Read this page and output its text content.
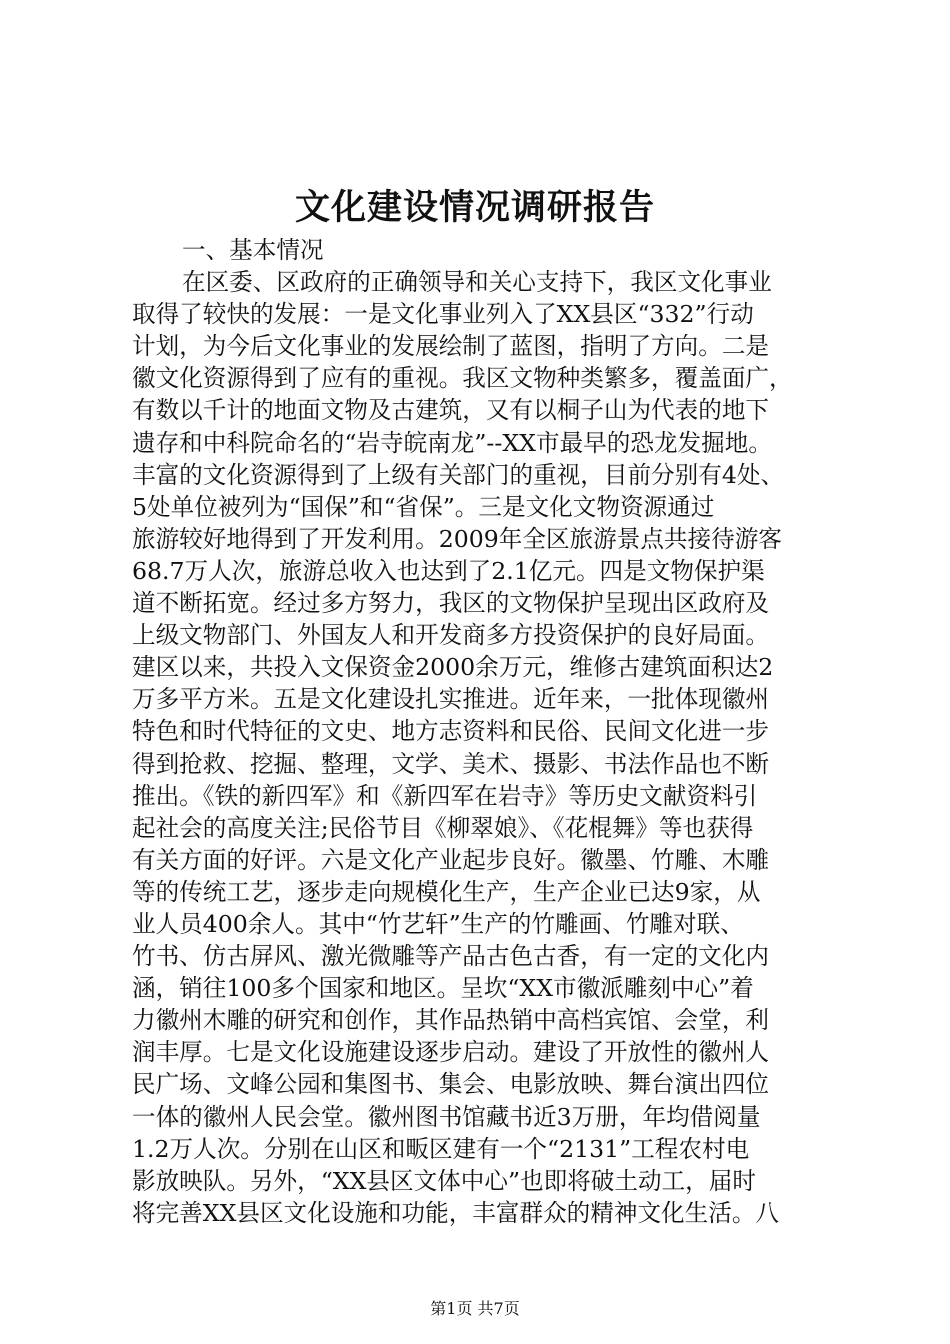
文化建设情况调研报告

一、基本情况

在区委、区政府的正确领导和关心支持下，我区文化事业

取得了较快的发展：一是文化事业列入了XX县区“332”行动

计划，为今后文化事业的发展绘制了蓝图，指明了方向。二是

徽文化资源得到了应有的重视。我区文物种类繁多，覆盖面广，

有数以千计的地面文物及古建筑，又有以桐子山为代表的地下

遗存和中科院命名的“岩寺皖南龙”--XX市最早的恐龙发掘地。

丰富的文化资源得到了上级有关部门的重视，目前分别有4处、

5处单位被列为“国保”和“省保”。三是文化文物资源通过

旅游较好地得到了开发利用。2009年全区旅游景点共接待游客

68.7万人次，旅游总收入也达到了2.1亿元。四是文物保护渠

道不断拓宽。经过多方努力，我区的文物保护呈现出区政府及

上级文物部门、外国友人和开发商多方投资保护的良好局面。

建区以来，共投入文保资金2000余万元，维修古建筑面积达2

万多平方米。五是文化建设扎实推进。近年来，一批体现徽州

特色和时代特征的文史、地方志资料和民俗、民间文化进一步

得到抢救、挖掘、整理，文学、美术、摄影、书法作品也不断

推出。《铁的新四军》和《新四军在岩寺》等历史文献资料引

起社会的高度关注;民俗节目《柳翠娘》、《花棍舞》等也获得

有关方面的好评。六是文化产业起步良好。徽墨、竹雕、木雕

等的传统工艺，逐步走向规模化生产，生产企业已达9家，从

业人员400余人。其中“竹艺轩”生产的竹雕画、竹雕对联、

竹书、仿古屏风、激光微雕等产品古色古香，有一定的文化内

涵，销往100多个国家和地区。呈坎“XX市徽派雕刻中心”着

力徽州木雕的研究和创作，其作品热销中高档宾馆、会堂，利

润丰厚。七是文化设施建设逐步启动。建设了开放性的徽州人

民广场、文峰公园和集图书、集会、电影放映、舞台演出四位

一体的徽州人民会堂。徽州图书馆藏书近3万册，年均借阅量

1.2万人次。分别在山区和畈区建有一个“2131”工程农村电

影放映队。另外，“XX县区文体中心”也即将破土动工，届时

将完善XX县区文化设施和功能，丰富群众的精神文化生活。八

第1页 共7页
